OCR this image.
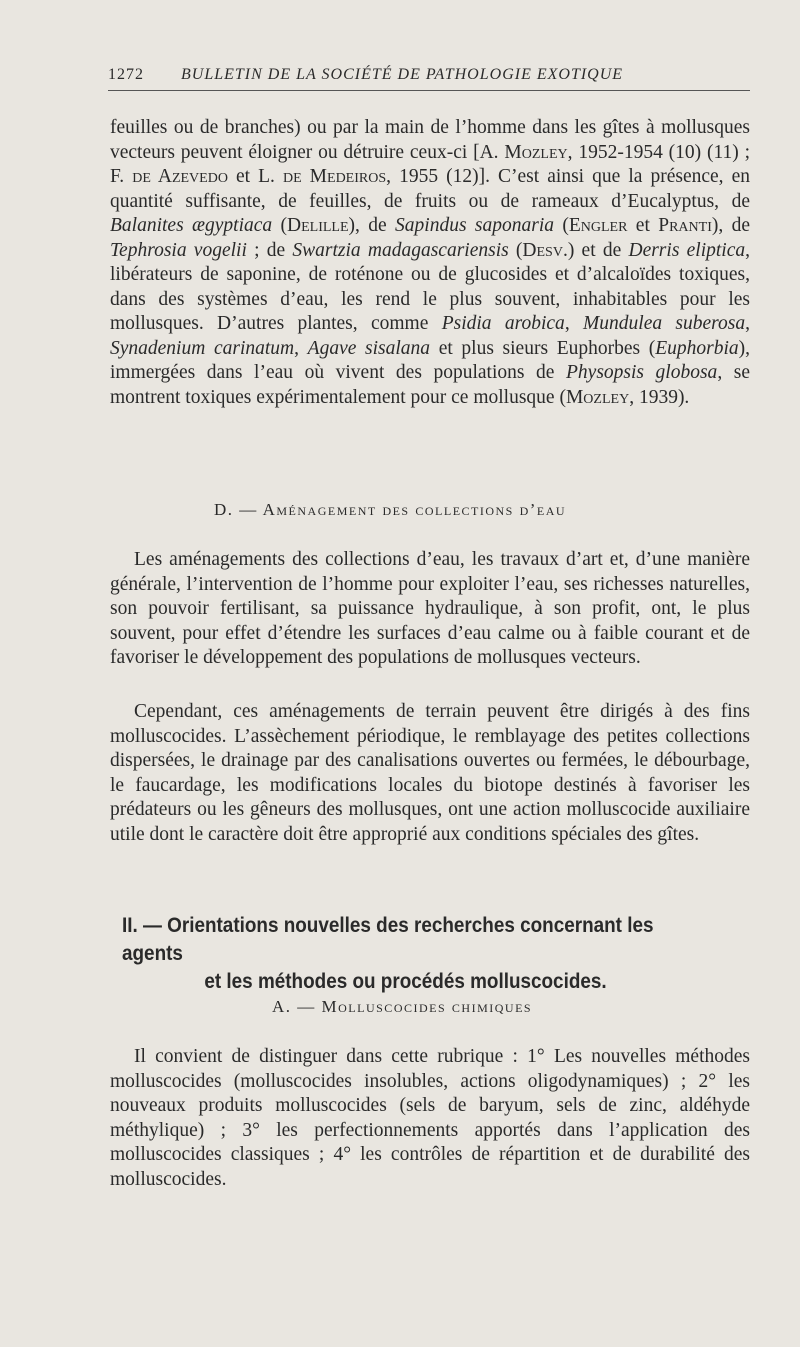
1272 BULLETIN DE LA SOCIÉTÉ DE PATHOLOGIE EXOTIQUE

feuilles ou de branches) ou par la main de l’homme dans les gîtes à mollusques vecteurs peuvent éloigner ou détruire ceux-ci [A. Mozley, 1952-1954 (10) (11) ; F. de Azevedo et L. de Medeiros, 1955 (12)]. C’est ainsi que la présence, en quantité suffisante, de feuilles, de fruits ou de rameaux d’Eucalyptus, de Balanites ægyptiaca (Delille), de Sapindus saponaria (Engler et Pranti), de Tephrosia vogelii ; de Swartzia madagascariensis (Desv.) et de Derris eliptica, libérateurs de saponine, de roténone ou de glucosides et d’alcaloïdes toxiques, dans des systèmes d’eau, les rend le plus souvent, inhabitables pour les mollusques. D’autres plantes, comme Psidia arobica, Mundulea suberosa, Synadenium carinatum, Agave sisalana et plus sieurs Euphorbes (Euphorbia), immergées dans l’eau où vivent des populations de Physopsis globosa, se montrent toxiques expérimentalement pour ce mollusque (Mozley, 1939).

D. — Aménagement des collections d’eau

Les aménagements des collections d’eau, les travaux d’art et, d’une manière générale, l’intervention de l’homme pour exploiter l’eau, ses richesses naturelles, son pouvoir fertilisant, sa puissance hydraulique, à son profit, ont, le plus souvent, pour effet d’étendre les surfaces d’eau calme ou à faible courant et de favoriser le développement des populations de mollusques vecteurs.

Cependant, ces aménagements de terrain peuvent être dirigés à des fins molluscocides. L’assèchement périodique, le remblayage des petites collections dispersées, le drainage par des canalisations ouvertes ou fermées, le débourbage, le faucardage, les modifications locales du biotope destinés à favoriser les prédateurs ou les gêneurs des mollusques, ont une action molluscocide auxiliaire utile dont le caractère doit être approprié aux conditions spéciales des gîtes.

II. — Orientations nouvelles des recherches concernant les agents
et les méthodes ou procédés molluscocides.
A. — Molluscocides chimiques

Il convient de distinguer dans cette rubrique : 1° Les nouvelles méthodes molluscocides (molluscocides insolubles, actions oligodynamiques) ; 2° les nouveaux produits molluscocides (sels de baryum, sels de zinc, aldéhyde méthylique) ; 3° les perfectionnements apportés dans l’application des molluscocides classiques ; 4° les contrôles de répartition et de durabilité des molluscocides.
